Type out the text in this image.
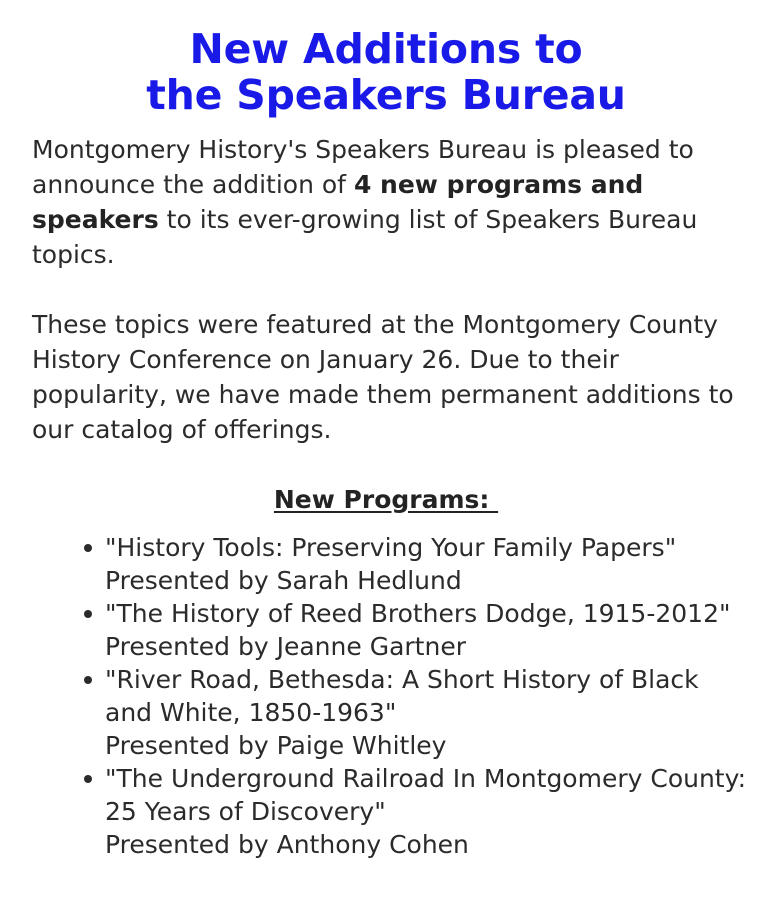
New Additions to
the Speakers Bureau

Montgomery History's Speakers Bureau is pleased to announce the addition of 4 new programs and speakers to its ever-growing list of Speakers Bureau topics.

These topics were featured at the Montgomery County History Conference on January 26. Due to their popularity, we have made them permanent additions to our catalog of offerings.

New Programs:
"History Tools: Preserving Your Family Papers"
Presented by Sarah Hedlund
"The History of Reed Brothers Dodge, 1915-2012"
Presented by Jeanne Gartner
"River Road, Bethesda: A Short History of Black and White, 1850-1963"
Presented by Paige Whitley
"The Underground Railroad In Montgomery County: 25 Years of Discovery"
Presented by Anthony Cohen
